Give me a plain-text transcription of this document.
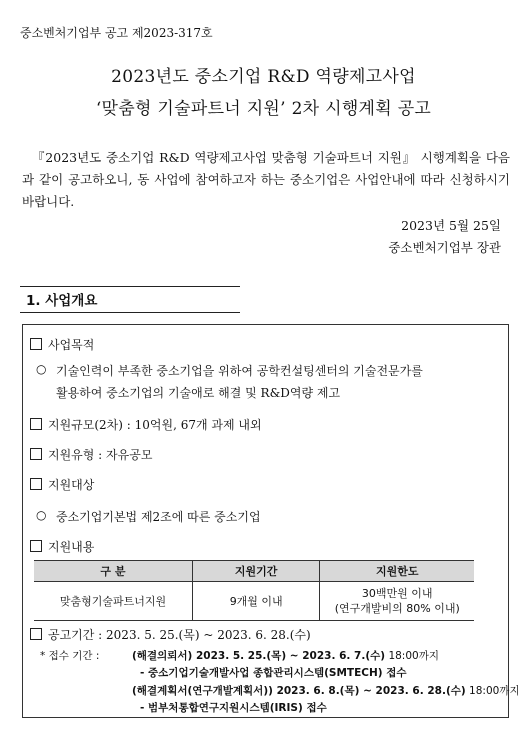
중소벤처기업부 공고 제2023-317호
2023년도 중소기업 R&D 역량제고사업
‘맞춤형 기술파트너 지원’ 2차 시행계획 공고
『2023년도 중소기업 R&D 역량제고사업 맞춤형 기술파트너 지원』 시행계획을 다음과 같이 공고하오니, 동 사업에 참여하고자 하는 중소기업은 사업안내에 따라 신청하시기 바랍니다.
2023년 5월 25일
중소벤처기업부 장관
1. 사업개요
사업목적
○ 기술인력이 부족한 중소기업을 위하여 공학컨설팅센터의 기술전문가를
활용하여 중소기업의 기술애로 해결 및 R&D역량 제고
지원규모(2차) : 10억원, 67개 과제 내외
지원유형 : 자유공모
지원대상
○ 중소기업기본법 제2조에 따른 중소기업
지원내용
구 분	지원기간	지원한도
맞춤형기술파트너지원	9개월 이내	30백만원 이내
(연구개발비의 80% 이내)
공고기간 : 2023. 5. 25.(목) ~ 2023. 6. 28.(수)
* 접수 기간 :	(해결의뢰서) 2023. 5. 25.(목) ~ 2023. 6. 7.(수) 18:00까지
- 중소기업기술개발사업 종합관리시스템(SMTECH) 접수
(해결계획서(연구개발계획서)) 2023. 6. 8.(목) ~ 2023. 6. 28.(수) 18:00까지
- 범부처통합연구지원시스템(IRIS) 접수
